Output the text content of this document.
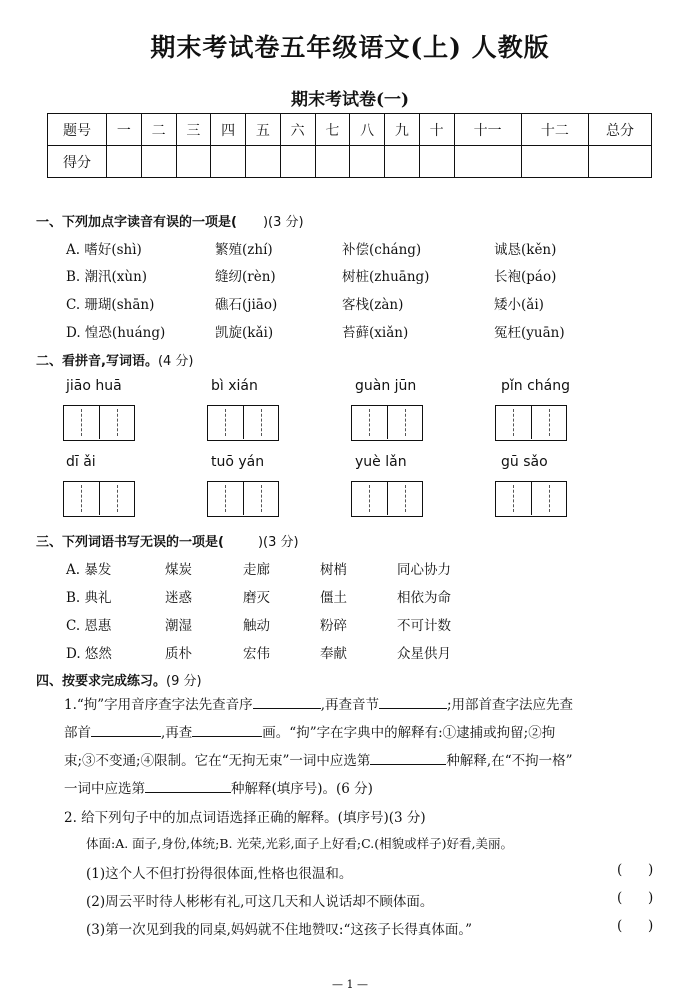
期末考试卷五年级语文(上) 人教版
期末考试卷(一)
题号	一	二	三	四	五	六	七	八	九	十	十一	十二	总分
得分													
一、下列加点字读音有误的一项是( )(3 分)
A. 嗜好(shì)	繁殖(zhí)	补偿(cháng)	诚恳(kěn)
B. 潮汛(xùn)	缝纫(rèn)	树桩(zhuāng)	长袍(páo)
C. 珊瑚(shān)	礁石(jiāo)	客栈(zàn)	矮小(ǎi)
D. 惶恐(huáng)	凯旋(kǎi)	苔藓(xiǎn)	冤枉(yuān)
二、看拼音,写词语。(4 分)
jiāo huā	bì xián	guàn jūn	pǐn cháng
dī ǎi	tuō yán	yuè lǎn	gū sǎo
三、下列词语书写无误的一项是(	)(3 分)
A. 暴发	煤炭	走廊	树梢	同心协力
B. 典礼	迷惑	磨灭	僵土	相依为命
C. 恩惠	潮湿	触动	粉碎	不可计数
D. 悠然	质朴	宏伟	奉献	众星供月
四、按要求完成练习。(9 分)
1.“拘”字用音序查字法先查音序	,再查音节	;用部首查字法应先查
部首	,再查	画。“拘”字在字典中的解释有:①逮捕或拘留;②拘
束;③不变通;④限制。它在“无拘无束”一词中应选第	种解释,在“不拘一格”
一词中应选第	种解释(填序号)。(6 分)
2. 给下列句子中的加点词语选择正确的解释。(填序号)(3 分)
体面:A. 面子,身份,体统;B. 光荣,光彩,面子上好看;C.(相貌或样子)好看,美丽。
(1)这个人不但打扮得很体面,性格也很温和。	(      )
(2)周云平时待人彬彬有礼,可这几天和人说话却不顾体面。	(      )
(3)第一次见到我的同桌,妈妈就不住地赞叹:“这孩子长得真体面。”	(      )
— 1 —
